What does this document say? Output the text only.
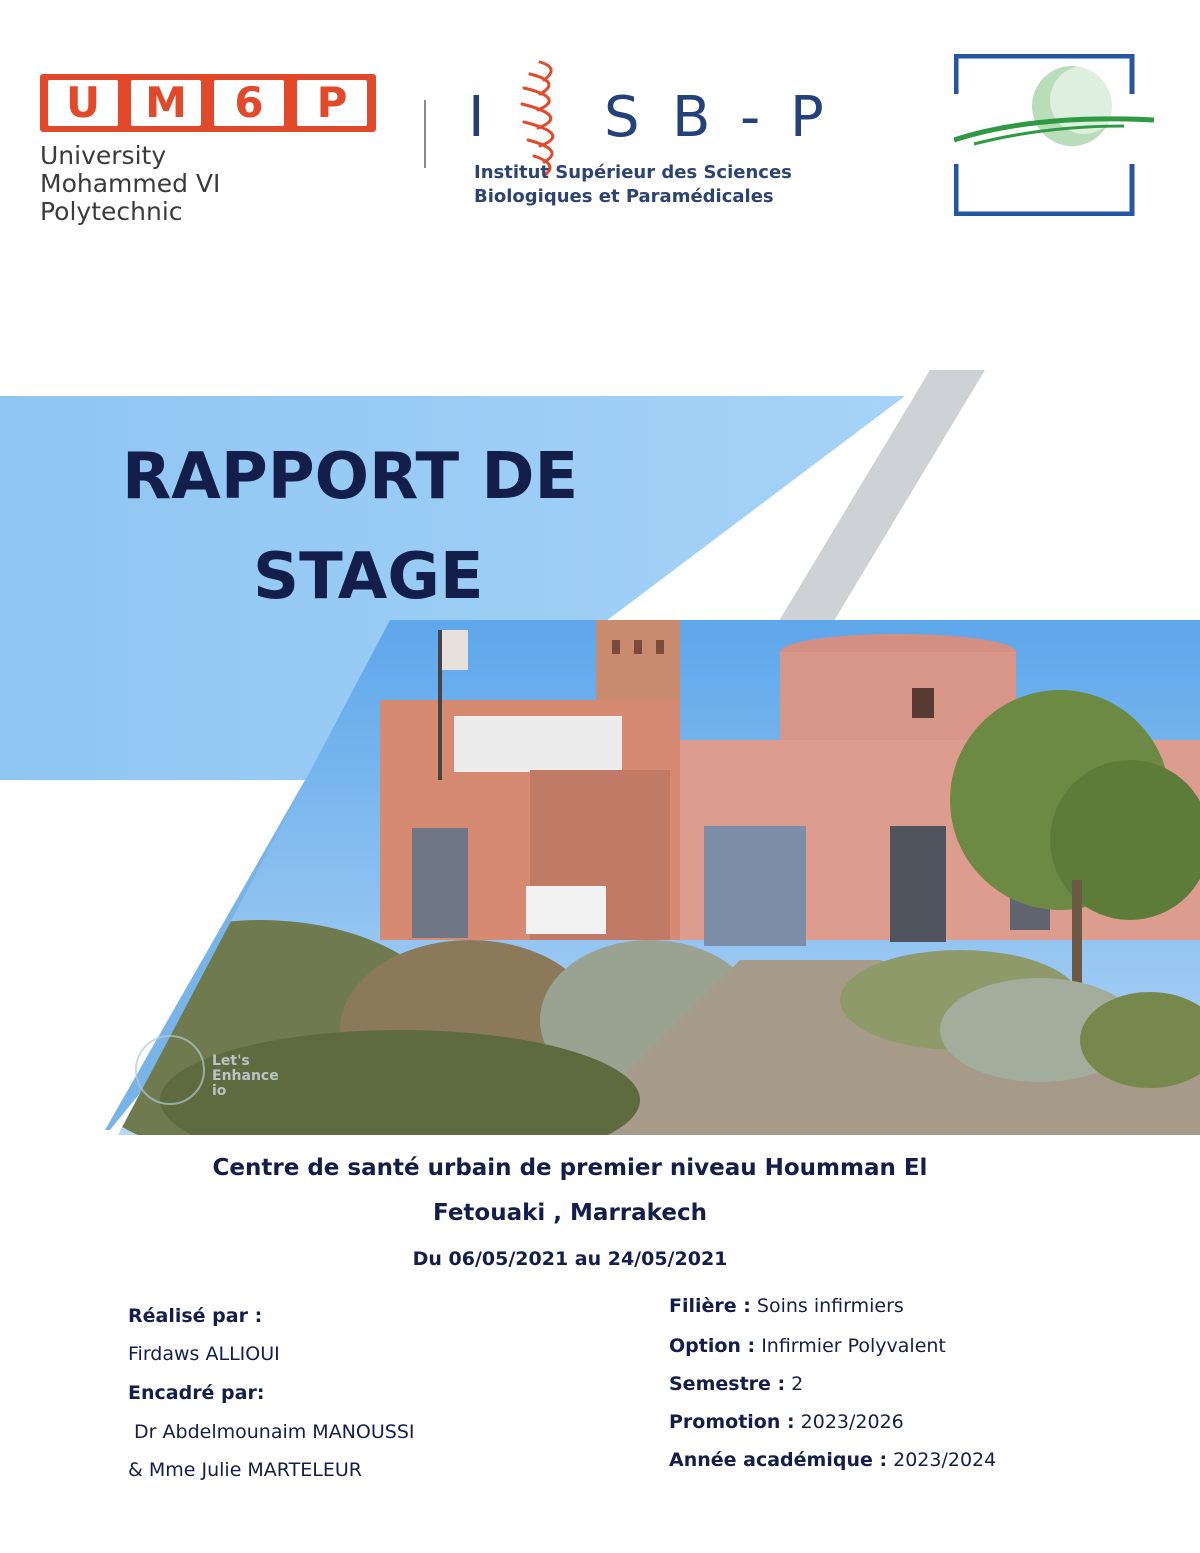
U	M	6	P
University
Mohammed VI
Polytechnic
I S B - P
Institut Supérieur des Sciences
Biologiques et Paramédicales
RAPPORT DE
STAGE
Let's
Enhance
io
Centre de santé urbain de premier niveau Houmman El
Fetouaki , Marrakech
Du 06/05/2021 au 24/05/2021
Réalisé par :
Firdaws ALLIOUI
Encadré par:
Dr Abdelmounaim MANOUSSI
& Mme Julie MARTELEUR
Filière : Soins infirmiers
Option : Infirmier Polyvalent
Semestre : 2
Promotion : 2023/2026
Année académique : 2023/2024
